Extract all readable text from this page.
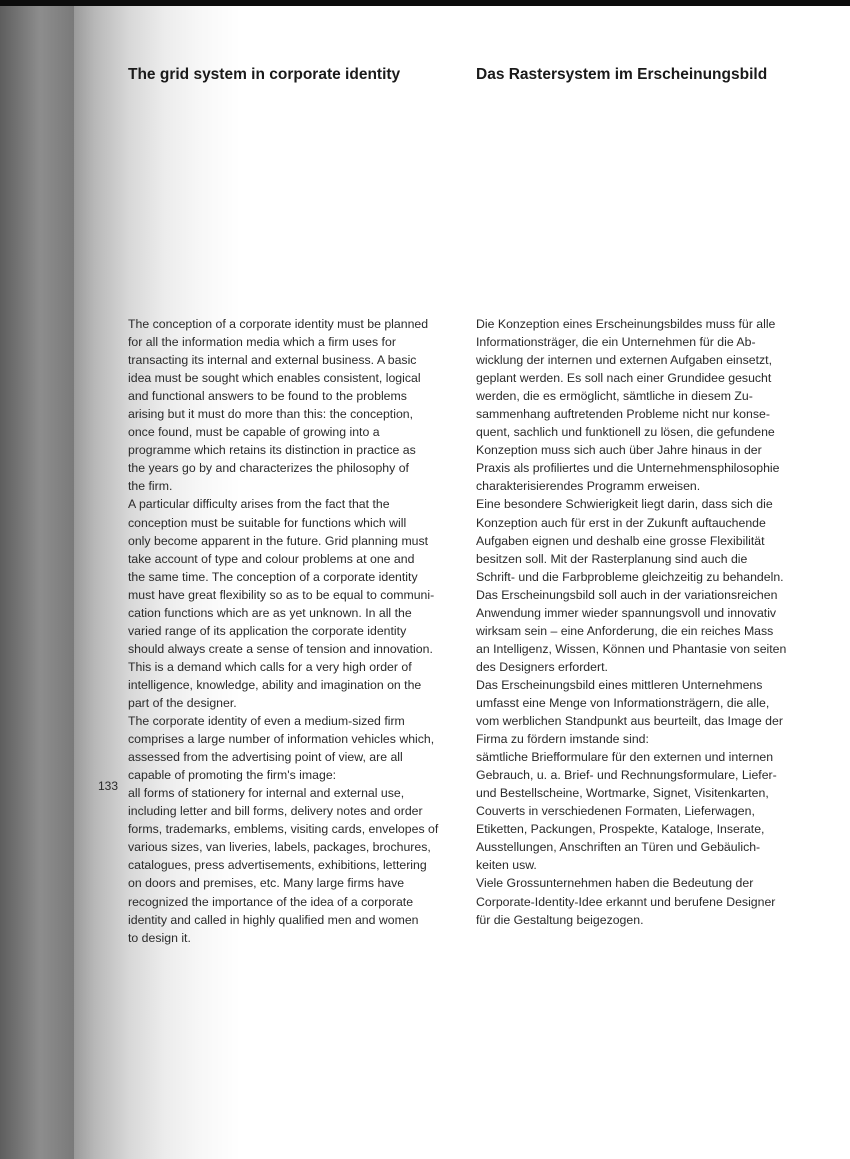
The grid system in corporate identity	Das Rastersystem im Erscheinungsbild
The conception of a corporate identity must be planned
for all the information media which a firm uses for
transacting its internal and external business. A basic
idea must be sought which enables consistent, logical
and functional answers to be found to the problems
arising but it must do more than this: the conception,
once found, must be capable of growing into a
programme which retains its distinction in practice as
the years go by and characterizes the philosophy of
the firm.
A particular difficulty arises from the fact that the
conception must be suitable for functions which will
only become apparent in the future. Grid planning must
take account of type and colour problems at one and
the same time. The conception of a corporate identity
must have great flexibility so as to be equal to communi-
cation functions which are as yet unknown. In all the
varied range of its application the corporate identity
should always create a sense of tension and innovation.
This is a demand which calls for a very high order of
intelligence, knowledge, ability and imagination on the
part of the designer.
The corporate identity of even a medium-sized firm
comprises a large number of information vehicles which,
assessed from the advertising point of view, are all
capable of promoting the firm's image:
all forms of stationery for internal and external use,
including letter and bill forms, delivery notes and order
forms, trademarks, emblems, visiting cards, envelopes of
various sizes, van liveries, labels, packages, brochures,
catalogues, press advertisements, exhibitions, lettering
on doors and premises, etc. Many large firms have
recognized the importance of the idea of a corporate
identity and called in highly qualified men and women
to design it.
Die Konzeption eines Erscheinungsbildes muss für alle
Informationsträger, die ein Unternehmen für die Ab-
wicklung der internen und externen Aufgaben einsetzt,
geplant werden. Es soll nach einer Grundidee gesucht
werden, die es ermöglicht, sämtliche in diesem Zu-
sammenhang auftretenden Probleme nicht nur konse-
quent, sachlich und funktionell zu lösen, die gefundene
Konzeption muss sich auch über Jahre hinaus in der
Praxis als profiliertes und die Unternehmensphilosophie
charakterisierendes Programm erweisen.
Eine besondere Schwierigkeit liegt darin, dass sich die
Konzeption auch für erst in der Zukunft auftauchende
Aufgaben eignen und deshalb eine grosse Flexibilität
besitzen soll. Mit der Rasterplanung sind auch die
Schrift- und die Farbprobleme gleichzeitig zu behandeln.
Das Erscheinungsbild soll auch in der variationsreichen
Anwendung immer wieder spannungsvoll und innovativ
wirksam sein – eine Anforderung, die ein reiches Mass
an Intelligenz, Wissen, Können und Phantasie von seiten
des Designers erfordert.
Das Erscheinungsbild eines mittleren Unternehmens
umfasst eine Menge von Informationsträgern, die alle,
vom werblichen Standpunkt aus beurteilt, das Image der
Firma zu fördern imstande sind:
sämtliche Briefformulare für den externen und internen
Gebrauch, u. a. Brief- und Rechnungsformulare, Liefer-
und Bestellscheine, Wortmarke, Signet, Visitenkarten,
Couverts in verschiedenen Formaten, Lieferwagen,
Etiketten, Packungen, Prospekte, Kataloge, Inserate,
Ausstellungen, Anschriften an Türen und Gebäulich-
keiten usw.
Viele Grossunternehmen haben die Bedeutung der
Corporate-Identity-Idee erkannt und berufene Designer
für die Gestaltung beigezogen.
133
